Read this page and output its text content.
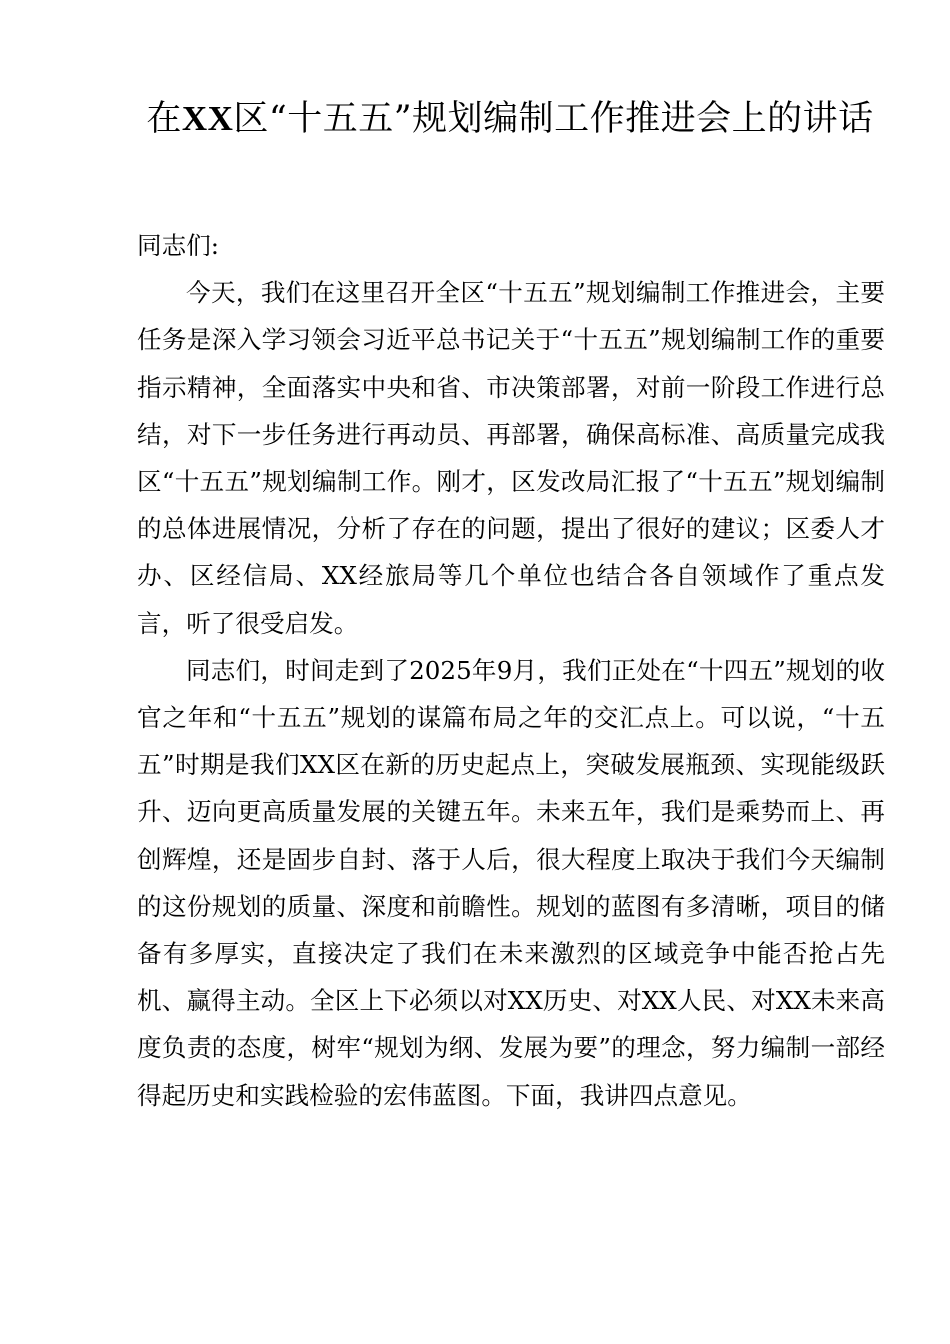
在XX区“十五五”规划编制工作推进会上的讲话

同志们:

今天，我们在这里召开全区“十五五”规划编制工作推进会，主要任务是深入学习领会习近平总书记关于“十五五”规划编制工作的重要指示精神，全面落实中央和省、市决策部署，对前一阶段工作进行总结，对下一步任务进行再动员、再部署，确保高标准、高质量完成我区“十五五”规划编制工作。刚才，区发改局汇报了“十五五”规划编制的总体进展情况，分析了存在的问题，提出了很好的建议；区委人才办、区经信局、XX经旅局等几个单位也结合各自领域作了重点发言，听了很受启发。

同志们，时间走到了2025年9月，我们正处在“十四五”规划的收官之年和“十五五”规划的谋篇布局之年的交汇点上。可以说，“十五五”时期是我们XX区在新的历史起点上，突破发展瓶颈、实现能级跃升、迈向更高质量发展的关键五年。未来五年，我们是乘势而上、再创辉煌，还是固步自封、落于人后，很大程度上取决于我们今天编制的这份规划的质量、深度和前瞻性。规划的蓝图有多清晰，项目的储备有多厚实，直接决定了我们在未来激烈的区域竞争中能否抢占先机、赢得主动。全区上下必须以对XX历史、对XX人民、对XX未来高度负责的态度，树牢“规划为纲、发展为要”的理念，努力编制一部经得起历史和实践检验的宏伟蓝图。下面，我讲四点意见。
